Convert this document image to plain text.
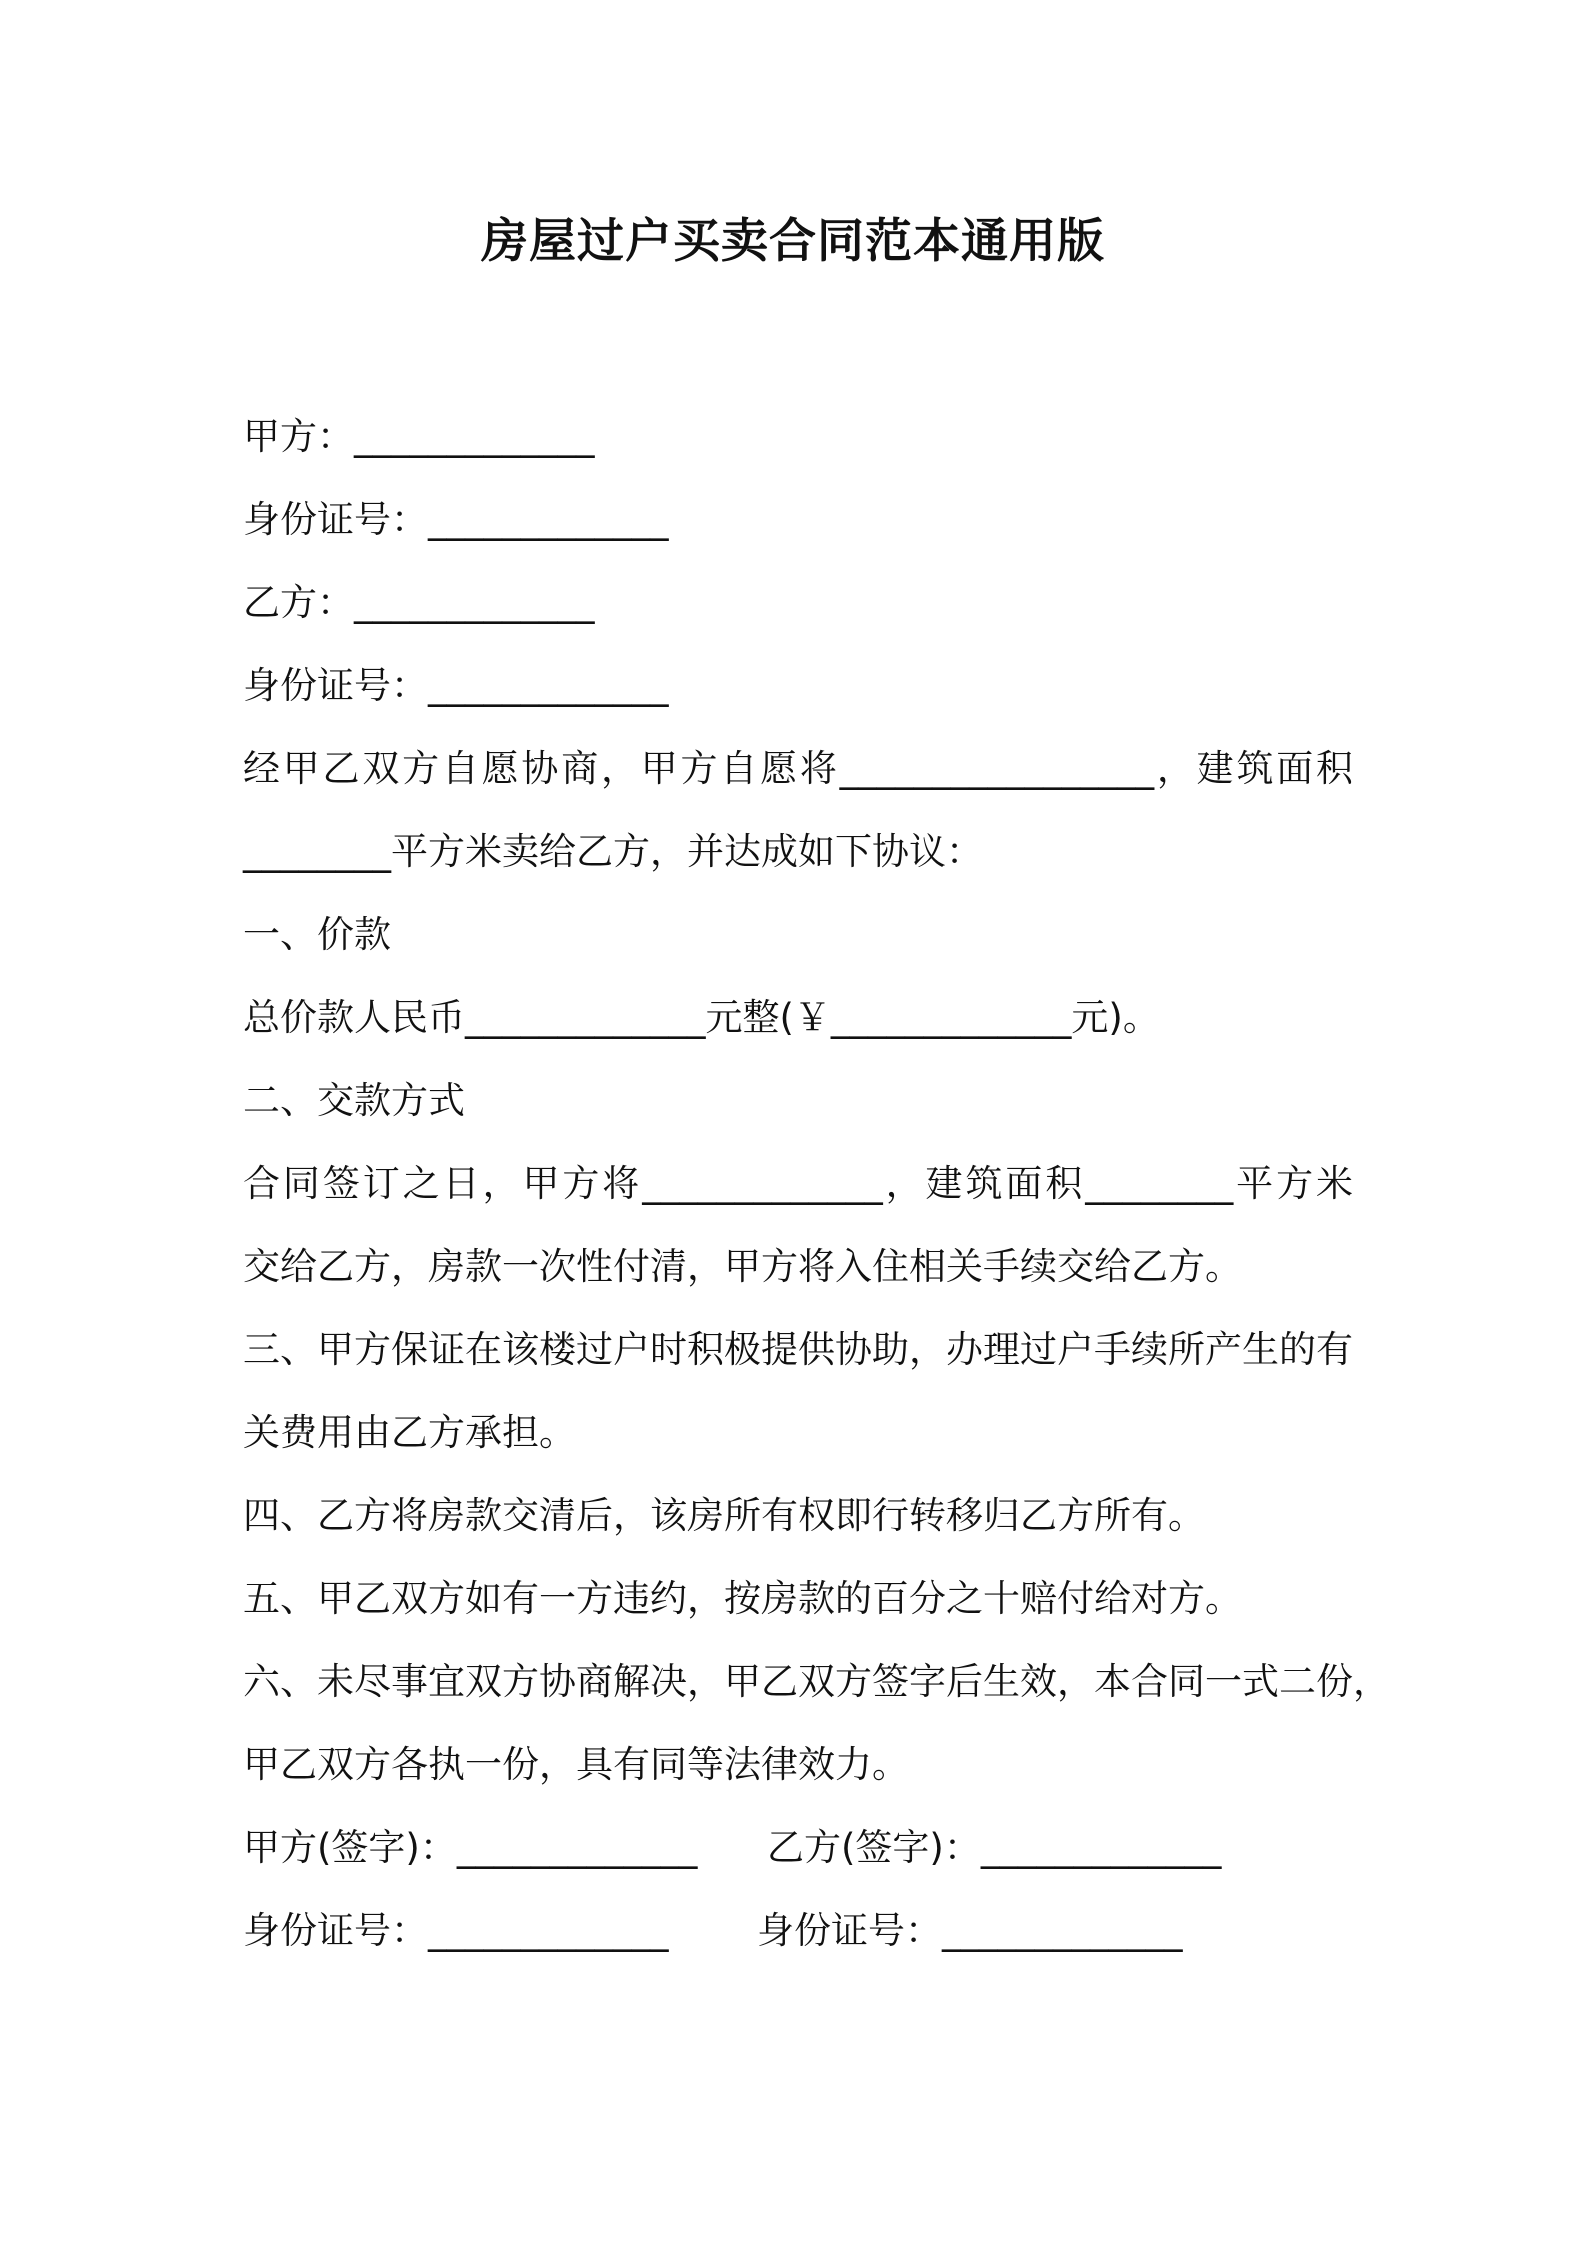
房屋过户买卖合同范本通用版
甲方：_____________
身份证号：_____________
乙方：_____________
身份证号：_____________
经甲乙双方自愿协商，甲方自愿将_________________，建筑面积
________平方米卖给乙方，并达成如下协议：
一、价款
总价款人民币_____________元整(￥_____________元)。
二、交款方式
合同签订之日，甲方将_____________，建筑面积________平方米
交给乙方，房款一次性付清，甲方将入住相关手续交给乙方。
三、甲方保证在该楼过户时积极提供协助，办理过户手续所产生的有
关费用由乙方承担。
四、乙方将房款交清后，该房所有权即行转移归乙方所有。
五、甲乙双方如有一方违约，按房款的百分之十赔付给对方。
六、未尽事宜双方协商解决，甲乙双方签字后生效，本合同一式二份，
甲乙双方各执一份，具有同等法律效力。
甲方(签字)：_____________ 乙方(签字)：_____________
身份证号：_____________ 身份证号：_____________
